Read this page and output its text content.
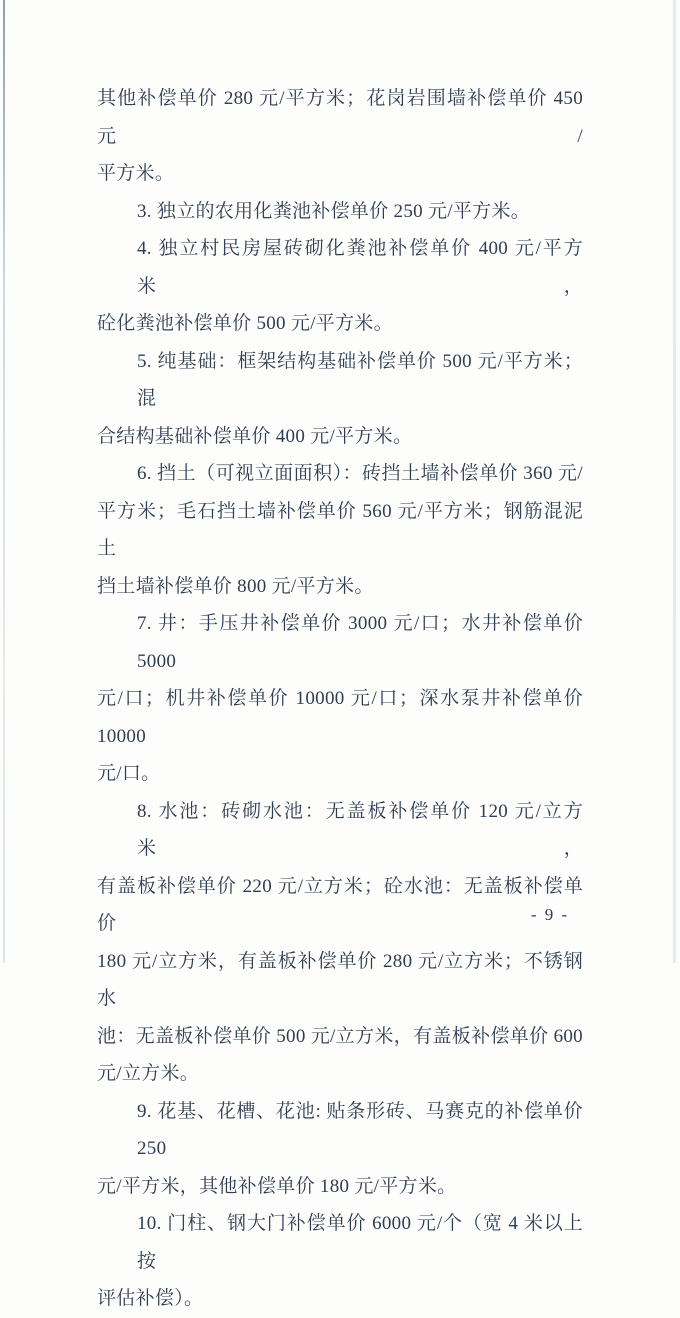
其他补偿单价 280 元/平方米；花岗岩围墙补偿单价 450 元/
平方米。
3. 独立的农用化粪池补偿单价 250 元/平方米。
4. 独立村民房屋砖砌化粪池补偿单价 400 元/平方米，
砼化粪池补偿单价 500 元/平方米。
5. 纯基础：框架结构基础补偿单价 500 元/平方米；混
合结构基础补偿单价 400 元/平方米。
6. 挡土（可视立面面积）：砖挡土墙补偿单价 360 元/
平方米；毛石挡土墙补偿单价 560 元/平方米；钢筋混泥土
挡土墙补偿单价 800 元/平方米。
7. 井：手压井补偿单价 3000 元/口；水井补偿单价 5000
元/口；机井补偿单价 10000 元/口；深水泵井补偿单价 10000
元/口。
8. 水池：砖砌水池：无盖板补偿单价 120 元/立方米，
有盖板补偿单价 220 元/立方米；砼水池：无盖板补偿单价
180 元/立方米，有盖板补偿单价 280 元/立方米；不锈钢水
池：无盖板补偿单价 500 元/立方米，有盖板补偿单价 600
元/立方米。
9. 花基、花槽、花池: 贴条形砖、马赛克的补偿单价 250
元/平方米，其他补偿单价 180 元/平方米。
10. 门柱、钢大门补偿单价 6000 元/个（宽 4 米以上按
评估补偿）。
- 9 -
